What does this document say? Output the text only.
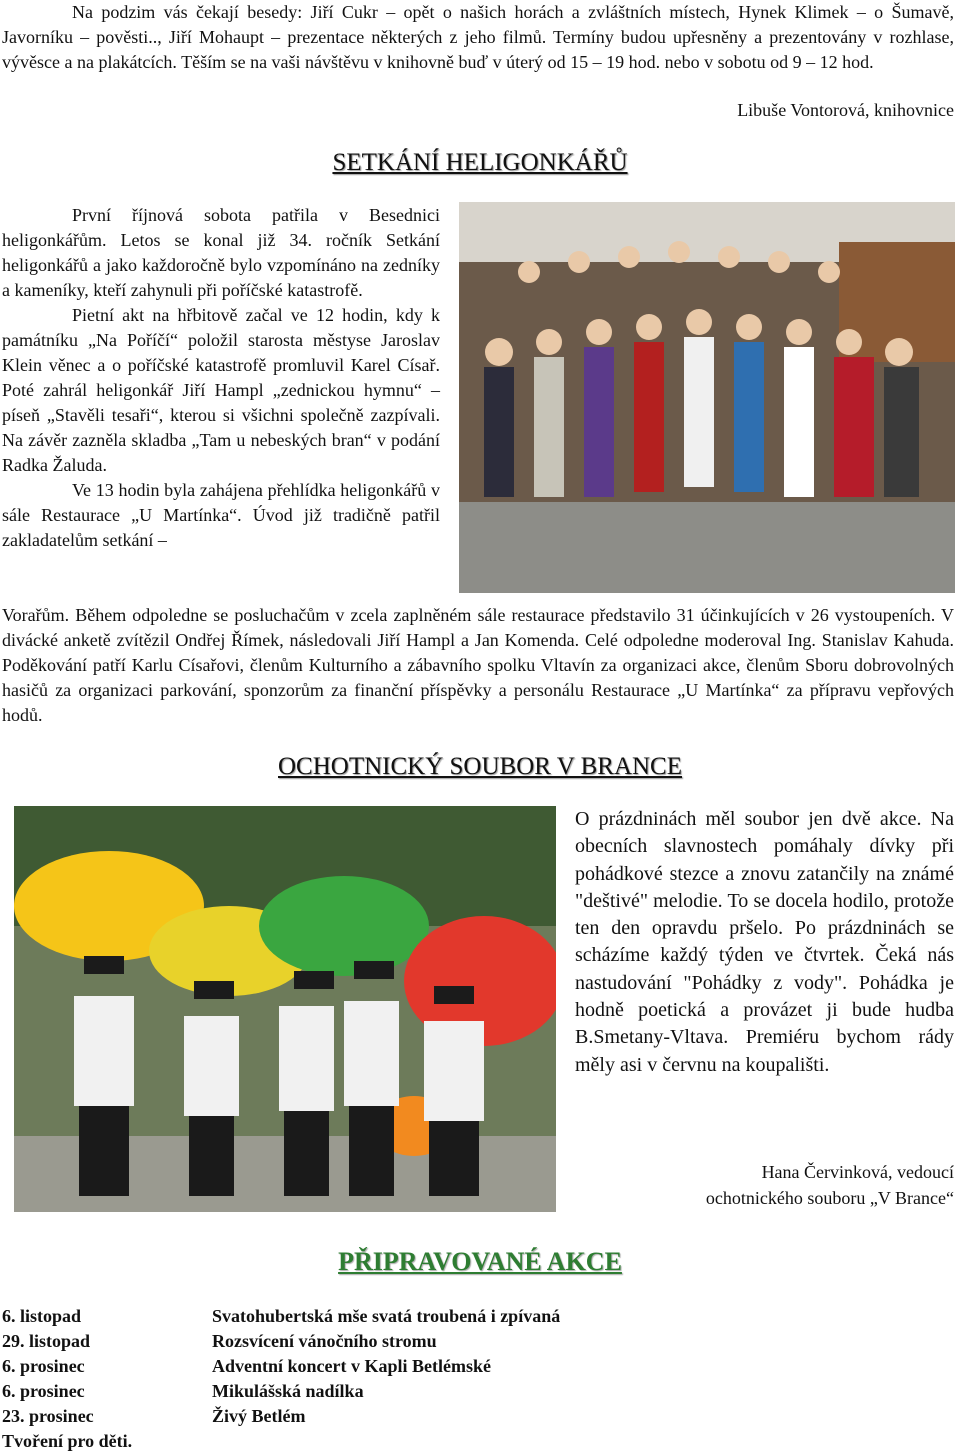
Na podzim vás čekají besedy: Jiří Cukr – opět o našich horách a zvláštních místech, Hynek Klimek – o Šumavě, Javorníku – pověsti.., Jiří Mohaupt – prezentace některých z jeho filmů. Termíny budou upřesněny a prezentovány v rozhlase, vývěsce a na plakátcích. Těším se na vaši návštěvu v knihovně buď v úterý od 15 – 19 hod. nebo v sobotu od 9 – 12 hod.

Libuše Vontorová, knihovnice
SETKÁNÍ HELIGONKÁŘŮ

První říjnová sobota patřila v Besednici heligonkářům. Letos se konal již 34. ročník Setkání heligonkářů a jako každoročně bylo vzpomínáno na zedníky a kameníky, kteří zahynuli při poříčské katastrofě.

Pietní akt na hřbitově začal ve 12 hodin, kdy k památníku „Na Poříčí“ položil starosta městyse Jaroslav Klein věnec a o poříčské katastrofě promluvil Karel Císař. Poté zahrál heligonkář Jiří Hampl „zednickou hymnu“ – píseň „Stavěli tesaři“, kterou si všichni společně zazpívali. Na závěr zazněla skladba „Tam u nebeských bran“ v podání Radka Žaluda.

Ve 13 hodin byla zahájena přehlídka heligonkářů v sále Restaurace „U Martínka“. Úvod již tradičně patřil zakladatelům setkání –

Vorařům. Během odpoledne se posluchačům v zcela zaplněném sále restaurace představilo 31 účinkujících v 26 vystoupeních. V divácké anketě zvítězil Ondřej Římek, následovali Jiří Hampl a Jan Komenda. Celé odpoledne moderoval Ing. Stanislav Kahuda. Poděkování patří Karlu Císařovi, členům Kulturního a zábavního spolku Vltavín za organizaci akce, členům Sboru dobrovolných hasičů za organizaci parkování, sponzorům za finanční příspěvky a personálu Restaurace „U Martínka“ za přípravu vepřových hodů.

OCHOTNICKÝ SOUBOR V BRANCE

O prázdninách měl soubor jen dvě akce. Na obecních slavnostech pomáhaly dívky při pohádkové stezce a znovu zatančily na známé "deštivé" melodie. To se docela hodilo, protože ten den opravdu pršelo. Po prázdninách se scházíme každý týden ve čtvrtek. Čeká nás nastudování "Pohádky z vody". Pohádka je hodně poetická a provázet ji bude hudba B.Smetany-Vltava. Premiéru bychom rády měly asi v červnu na koupališti.

Hana Červinková, vedoucí
ochotnického souboru „V Brance“
PŘIPRAVOVANÉ AKCE
6. listopad	Svatohubertská mše svatá troubená i zpívaná
29. listopad	Rozsvícení vánočního stromu
6. prosinec	Adventní koncert v Kapli Betlémské
6. prosinec	Mikulášská nadílka
23. prosinec	Živý Betlém
Tvoření pro děti.
